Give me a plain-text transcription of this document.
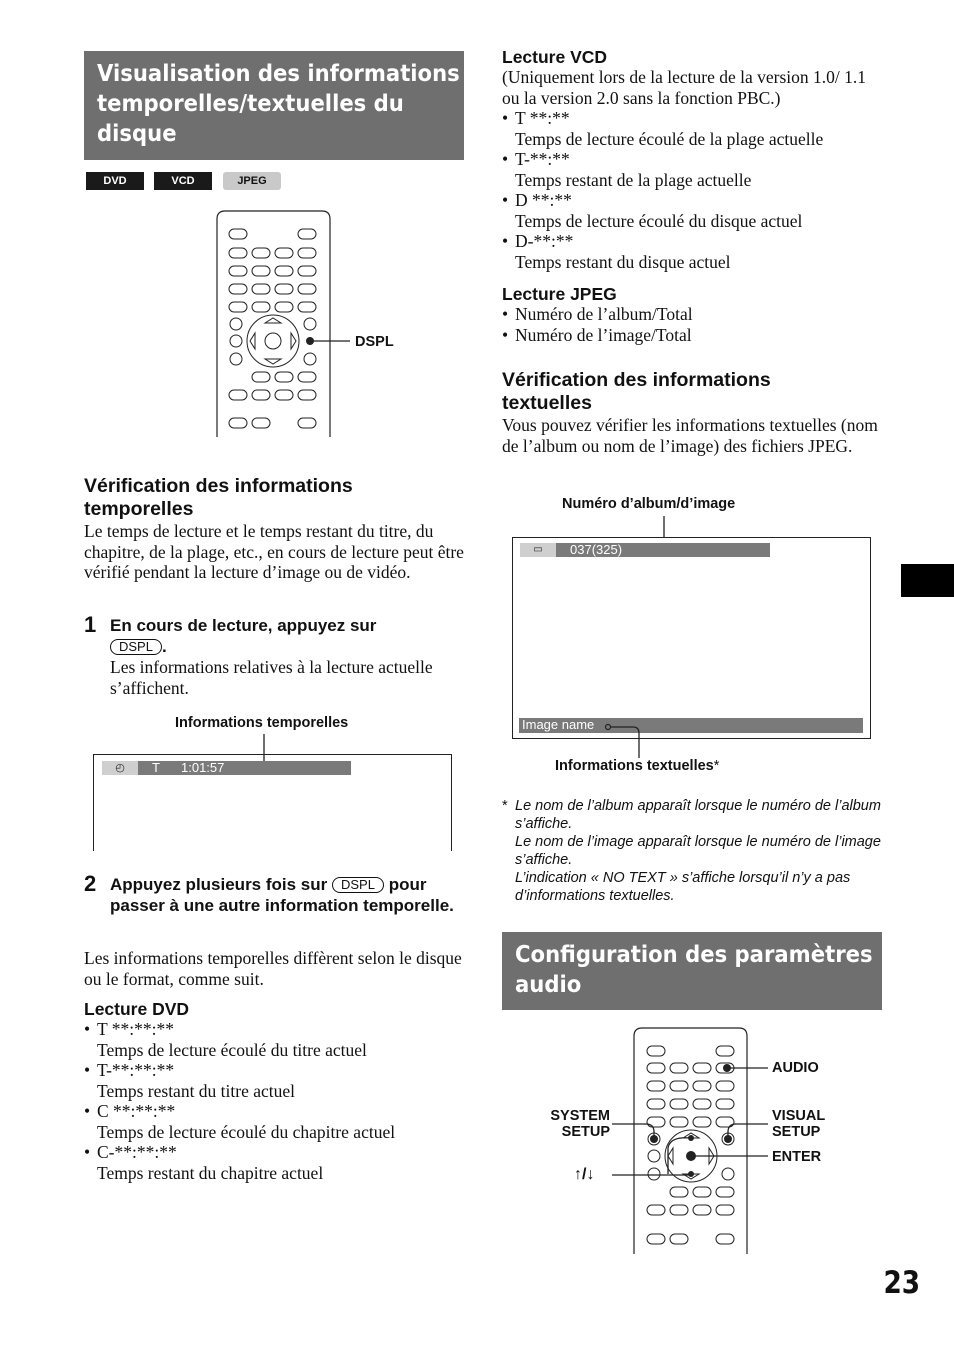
Visualisation des informations
temporelles/textuelles du
disque
DVD	VCD	JPEG
DSPL
Vérification des informations
temporelles
Le temps de lecture et le temps restant du titre, du chapitre, de la plage, etc., en cours de lecture peut être vérifié pendant la lecture d’image ou de vidéo.
1 En cours de lecture, appuyez sur
DSPL .
Les informations relatives à la lecture actuelle s’affichent.
Informations temporelles
◴	T 1:01:57
2 Appuyez plusieurs fois sur DSPL pour passer à une autre information temporelle.
Les informations temporelles diffèrent selon le disque ou le format, comme suit.
Lecture DVD
• T **:**:**
Temps de lecture écoulé du titre actuel
• T-**:**:**
Temps restant du titre actuel
• C **:**:**
Temps de lecture écoulé du chapitre actuel
• C-**:**:**
Temps restant du chapitre actuel
Lecture VCD
(Uniquement lors de la lecture de la version 1.0/ 1.1 ou la version 2.0 sans la fonction PBC.)
• T **:**
Temps de lecture écoulé de la plage actuelle
• T-**:**
Temps restant de la plage actuelle
• D **:**
Temps de lecture écoulé du disque actuel
• D-**:**
Temps restant du disque actuel
Lecture JPEG
• Numéro de l’album/Total
• Numéro de l’image/Total
Vérification des informations
textuelles
Vous pouvez vérifier les informations textuelles (nom de l’album ou nom de l’image) des fichiers JPEG.
Numéro d’album/d’image
▭	037(325)
Image name
Informations textuelles*
* Le nom de l’album apparaît lorsque le numéro de l’album s’affiche.
Le nom de l’image apparaît lorsque le numéro de l’image s’affiche.
L’indication « NO TEXT » s’affiche lorsqu’il n’y a pas d’informations textuelles.
Configuration des paramètres
audio
AUDIO
SYSTEM
SETUP
VISUAL
SETUP
ENTER
↑/↓
23
